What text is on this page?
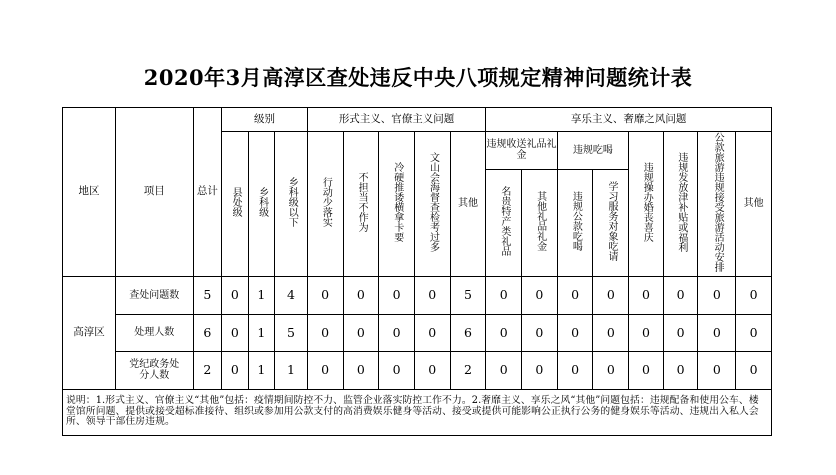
2020年3月高淳区查处违反中央八项规定精神问题统计表
地区	项目	总计	级别			形式主义、官僚主义问题					享乐主义、奢靡之风问题							
			县处级	乡科级	乡科级以下	行动少落实	不担当不作为	冷硬推诿横拿卡要	文山会海督查检考过多	其他	违规收送礼品礼金		违规吃喝		违规操办婚丧喜庆	违规发放津补贴或福利	公款旅游违规接受旅游活动安排	其他
											名贵特产类礼品	其他礼品礼金	违规公款吃喝	学习服务对象吃请				
高淳区	查处问题数	5	0	1	4	0	0	0	0	5	0	0	0	0	0	0	0	0
	处理人数	6	0	1	5	0	0	0	0	6	0	0	0	0	0	0	0	0
	党纪政务处分人数	2	0	1	1	0	0	0	0	2	0	0	0	0	0	0	0	0
说明：1.形式主义、官僚主义“其他”包括：疫情期间防控不力、监管企业落实防控工作不力。2.奢靡主义、享乐之风“其他”问题包括：违规配备和使用公车、楼堂馆所问题、提供或接受超标准接待、组织或参加用公款支付的高消费娱乐健身等活动、接受或提供可能影响公正执行公务的健身娱乐等活动、违规出入私人会所、领导干部住房违规。																		
